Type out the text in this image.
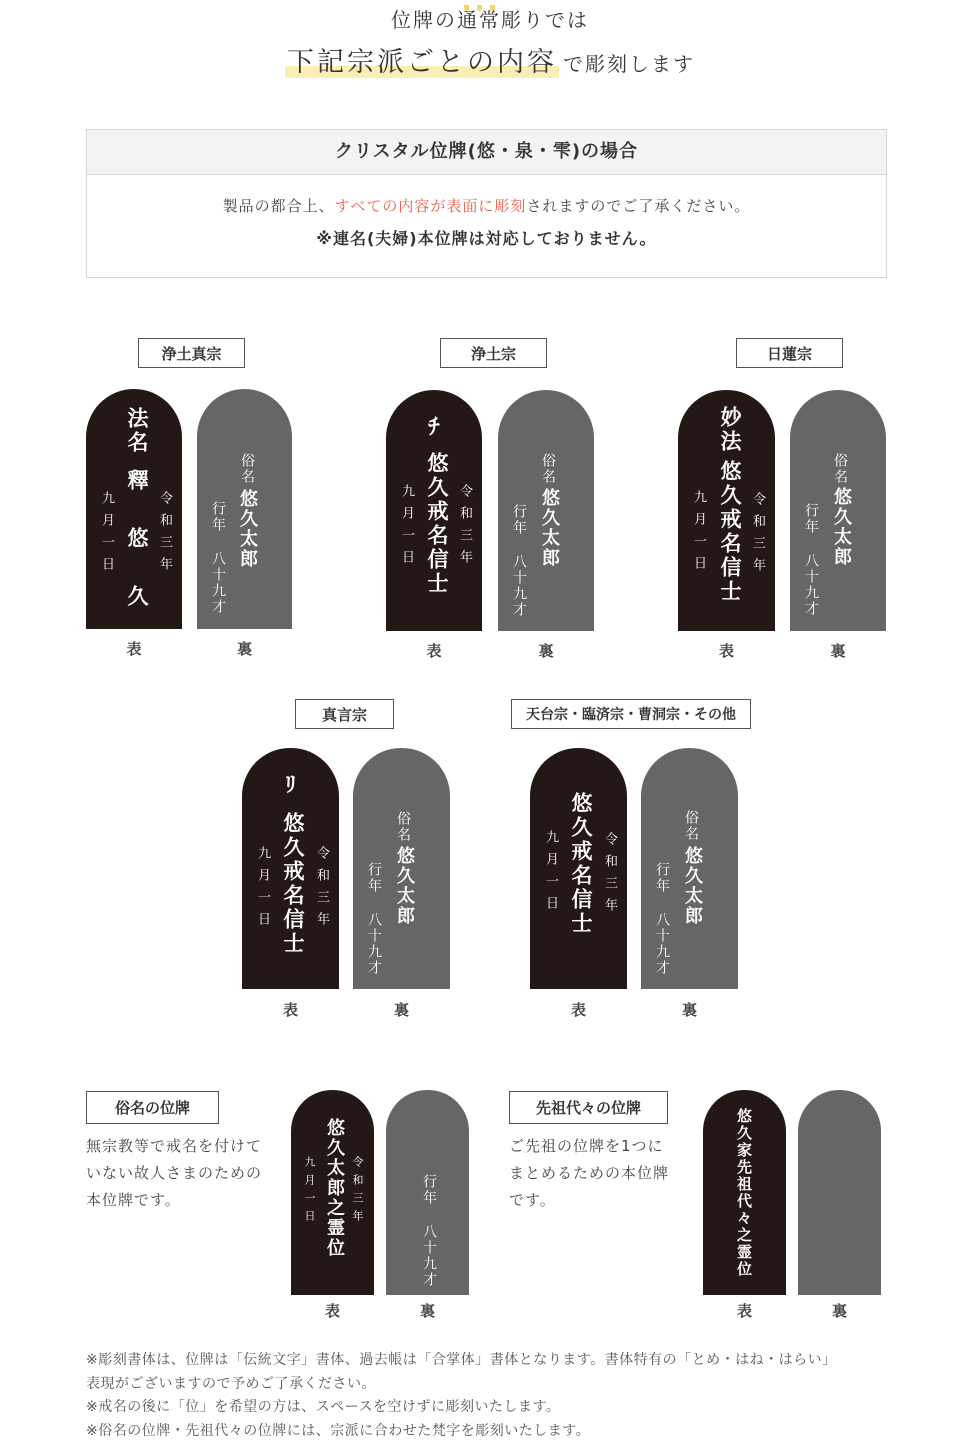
位牌の通常彫りでは
下記宗派ごとの内容 で彫刻します
クリスタル位牌(悠・泉・雫)の場合
製品の都合上、すべての内容が表面に彫刻されますのでご了承ください。
※連名(夫婦)本位牌は対応しておりません。
浄土真宗
法名
釋 悠 久 令和三年
九月一日
俗名
悠久太郎
行年 八十九才
表	裏
浄土宗
ﾁ
悠久戒名信士 令和三年
九月一日
俗名
悠久太郎
行年 八十九才
表	裏
日蓮宗
妙法
悠久戒名信士 令和三年
九月一日
俗名
悠久太郎
行年 八十九才
表	裏
真言宗
ﾘ
悠久戒名信士 令和三年
九月一日
俗名
悠久太郎
行年 八十九才
表	裏
天台宗・臨済宗・曹洞宗・その他
悠久戒名信士 令和三年
九月一日
俗名
悠久太郎
行年 八十九才
表	裏
俗名の位牌
無宗教等で戒名を付けて
いない故人さまのための
本位牌です。	悠久太郎之霊位 令和三年
九月一日	行年 八十九才
表	裏
先祖代々の位牌
ご先祖の位牌を1つに
まとめるための本位牌
です。	悠久家先祖代々之霊位
表	裏
※彫刻書体は、位牌は「伝統文字」書体、過去帳は「合掌体」書体となります。書体特有の「とめ・はね・はらい」
表現がございますので予めご了承ください。
※戒名の後に「位」を希望の方は、スペースを空けずに彫刻いたします。
※俗名の位牌・先祖代々の位牌には、宗派に合わせた梵字を彫刻いたします。
